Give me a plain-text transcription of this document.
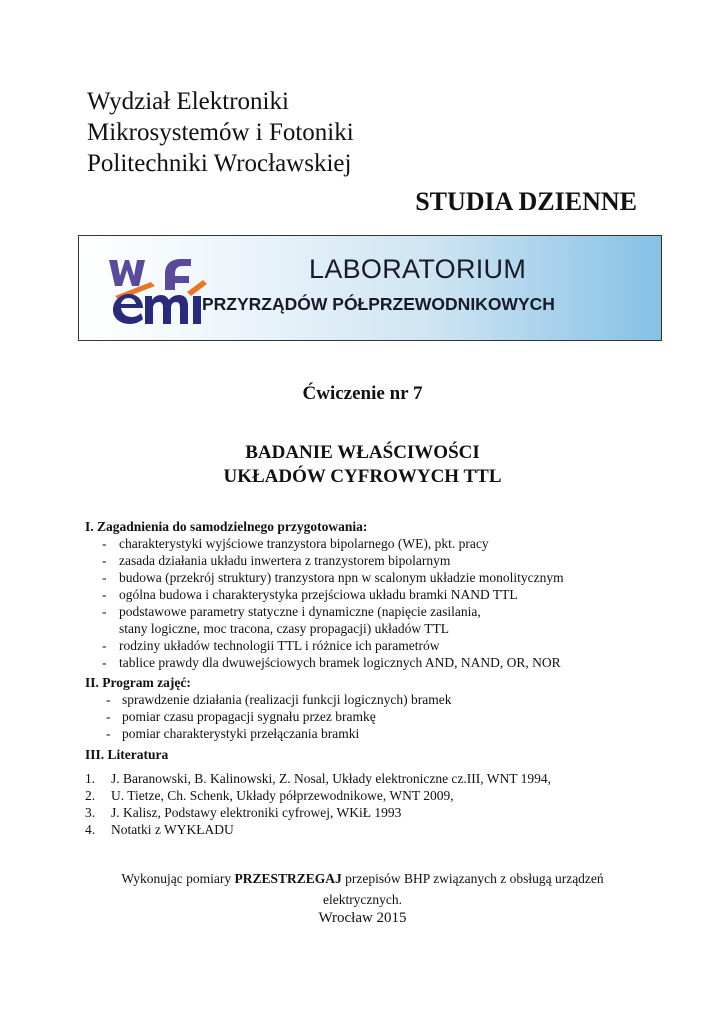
Wydział Elektroniki
Mikrosystemów i Fotoniki
Politechniki Wrocławskiej
STUDIA DZIENNE
LABORATORIUM
PRZYRZĄDÓW PÓŁPRZEWODNIKOWYCH
Ćwiczenie nr 7
BADANIE WŁAŚCIWOŚCI
UKŁADÓW CYFROWYCH TTL
I. Zagadnienia do samodzielnego przygotowania:
- charakterystyki wyjściowe tranzystora bipolarnego (WE), pkt. pracy
- zasada działania układu inwertera z tranzystorem bipolarnym
- budowa (przekrój struktury) tranzystora npn w scalonym układzie monolitycznym
- ogólna budowa i charakterystyka przejściowa układu bramki NAND TTL
- podstawowe parametry statyczne i dynamiczne (napięcie zasilania,
stany logiczne, moc tracona, czasy propagacji) układów TTL
- rodziny układów technologii TTL i różnice ich parametrów
- tablice prawdy dla dwuwejściowych bramek logicznych AND, NAND, OR, NOR
II. Program zajęć:
- sprawdzenie działania (realizacji funkcji logicznych) bramek
- pomiar czasu propagacji sygnału przez bramkę
- pomiar charakterystyki przełączania bramki
III. Literatura
1. J. Baranowski, B. Kalinowski, Z. Nosal, Układy elektroniczne cz.III, WNT 1994,
2. U. Tietze, Ch. Schenk, Układy półprzewodnikowe, WNT 2009,
3. J. Kalisz, Podstawy elektroniki cyfrowej, WKiŁ 1993
4. Notatki z WYKŁADU
Wykonując pomiary PRZESTRZEGAJ przepisów BHP związanych z obsługą urządzeń
elektrycznych.
Wrocław 2015
